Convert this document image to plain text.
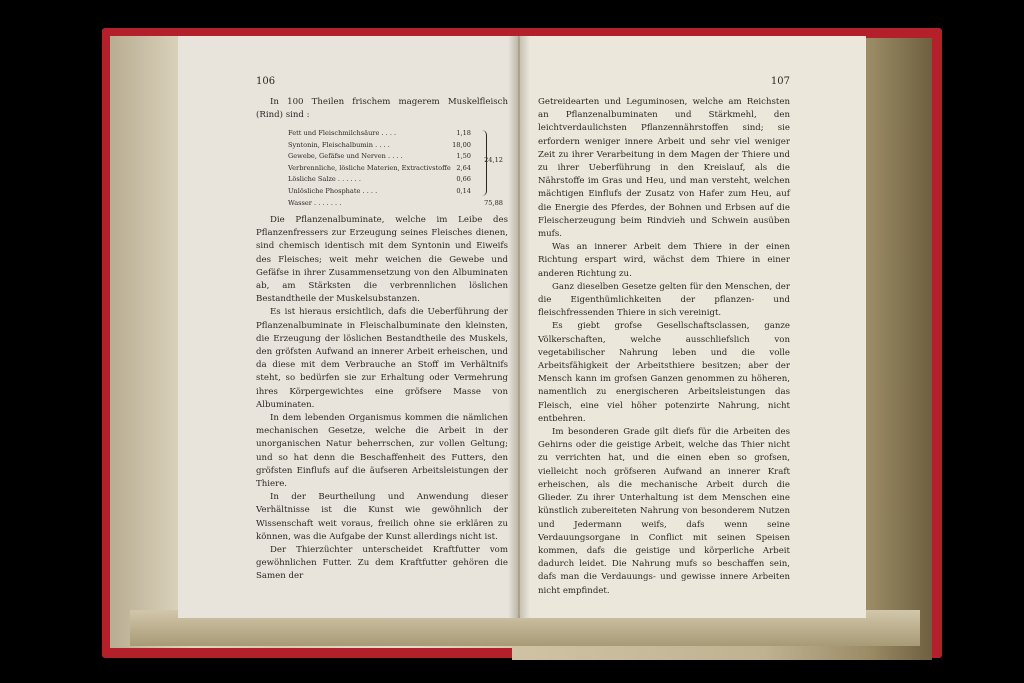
106

In 100 Theilen frischem magerem Muskelfleisch (Rind) sind :

Fett und Fleischmilchsäure . . . .	1,18
Syntonin, Fleischalbumin . . . .	18,00
Gewebe, Gefäfse und Nerven . . . .	1,50
Verbrennliche, lösliche Materien, Extractivstoffe 2,64
Lösliche Salze . . . . . .	0,66
Unlösliche Phosphate . . . .	0,14
Wasser . . . . . . .	75,88
24,12

Die Pflanzenalbuminate, welche im Leibe des Pflanzenfressers zur Erzeugung seines Fleisches dienen, sind chemisch identisch mit dem Syntonin und Eiweifs des Fleisches; weit mehr weichen die Gewebe und Gefäfse in ihrer Zusammensetzung von den Albuminaten ab, am Stärksten die verbrennlichen löslichen Bestandtheile der Muskelsubstanzen.

Es ist hieraus ersichtlich, dafs die Ueberführung der Pflanzenalbuminate in Fleischalbuminate den kleinsten, die Erzeugung der löslichen Bestandtheile des Muskels, den gröfsten Aufwand an innerer Arbeit erheischen, und da diese mit dem Verbrauche an Stoff im Verhältnifs steht, so bedürfen sie zur Erhaltung oder Vermehrung ihres Körpergewichtes eine gröfsere Masse von Albuminaten.

In dem lebenden Organismus kommen die nämlichen mechanischen Gesetze, welche die Arbeit in der unorganischen Natur beherrschen, zur vollen Geltung; und so hat denn die Beschaffenheit des Futters, den gröfsten Einflufs auf die äufseren Arbeitsleistungen der Thiere.

In der Beurtheilung und Anwendung dieser Verhältnisse ist die Kunst wie gewöhnlich der Wissenschaft weit voraus, freilich ohne sie erklären zu können, was die Aufgabe der Kunst allerdings nicht ist.

Der Thierzüchter unterscheidet Kraftfutter vom gewöhnlichen Futter. Zu dem Kraftfutter gehören die Samen der

107

Getreidearten und Leguminosen, welche am Reichsten an Pflanzenalbuminaten und Stärkmehl, den leichtverdaulichsten Pflanzennährstoffen sind; sie erfordern weniger innere Arbeit und sehr viel weniger Zeit zu ihrer Verarbeitung in dem Magen der Thiere und zu ihrer Ueberführung in den Kreislauf, als die Nährstoffe im Gras und Heu, und man versteht, welchen mächtigen Einflufs der Zusatz von Hafer zum Heu, auf die Energie des Pferdes, der Bohnen und Erbsen auf die Fleischerzeugung beim Rindvieh und Schwein ausüben mufs.

Was an innerer Arbeit dem Thiere in der einen Richtung erspart wird, wächst dem Thiere in einer anderen Richtung zu.

Ganz dieselben Gesetze gelten für den Menschen, der die Eigenthümlichkeiten der pflanzen- und fleischfressenden Thiere in sich vereinigt.

Es giebt grofse Gesellschaftsclassen, ganze Völkerschaften, welche ausschliefslich von vegetabilischer Nahrung leben und die volle Arbeitsfähigkeit der Arbeitsthiere besitzen; aber der Mensch kann im grofsen Ganzen genommen zu höheren, namentlich zu energischeren Arbeitsleistungen das Fleisch, eine viel höher potenzirte Nahrung, nicht entbehren.

Im besonderen Grade gilt diefs für die Arbeiten des Gehirns oder die geistige Arbeit, welche das Thier nicht zu verrichten hat, und die einen eben so grofsen, vielleicht noch gröfseren Aufwand an innerer Kraft erheischen, als die mechanische Arbeit durch die Glieder. Zu ihrer Unterhaltung ist dem Menschen eine künstlich zubereiteten Nahrung von besonderem Nutzen und Jedermann weifs, dafs wenn seine Verdauungsorgane in Conflict mit seinen Speisen kommen, dafs die geistige und körperliche Arbeit dadurch leidet. Die Nahrung mufs so beschaffen sein, dafs man die Verdauungs- und gewisse innere Arbeiten nicht empfindet.
